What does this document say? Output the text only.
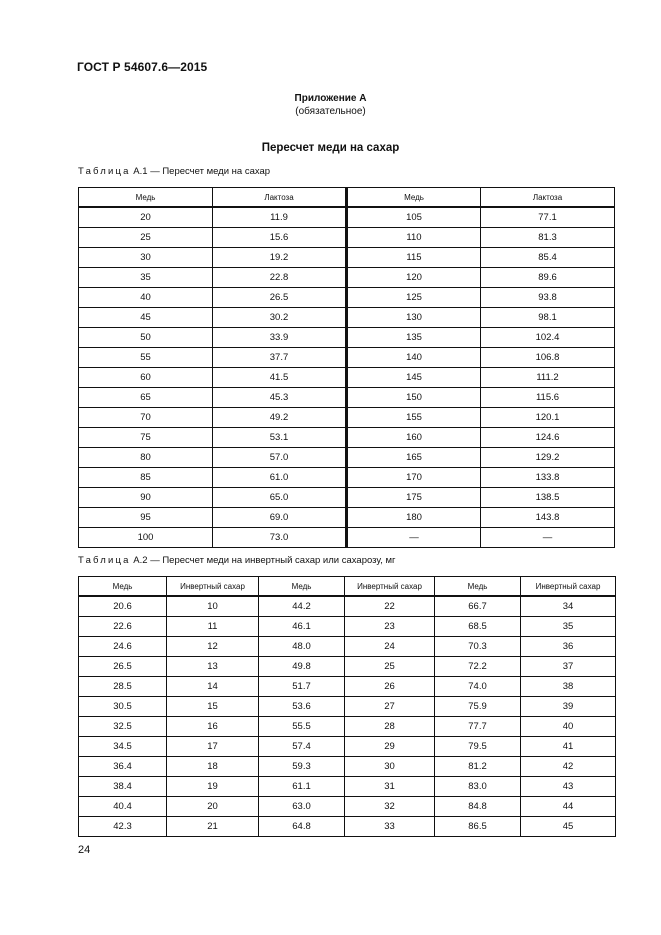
ГОСТ Р 54607.6—2015
Приложение А
(обязательное)
Пересчет меди на сахар
Таблица А.1 — Пересчет меди на сахар
Медь	Лактоза	Медь	Лактоза
20	11.9	105	77.1
25	15.6	110	81.3
30	19.2	115	85.4
35	22.8	120	89.6
40	26.5	125	93.8
45	30.2	130	98.1
50	33.9	135	102.4
55	37.7	140	106.8
60	41.5	145	111.2
65	45.3	150	115.6
70	49.2	155	120.1
75	53.1	160	124.6
80	57.0	165	129.2
85	61.0	170	133.8
90	65.0	175	138.5
95	69.0	180	143.8
100	73.0	—	—
Таблица А.2 — Пересчет меди на инвертный сахар или сахарозу, мг
Медь	Инвертный сахар	Медь	Инвертный сахар	Медь	Инвертный сахар
20.6	10	44.2	22	66.7	34
22.6	11	46.1	23	68.5	35
24.6	12	48.0	24	70.3	36
26.5	13	49.8	25	72.2	37
28.5	14	51.7	26	74.0	38
30.5	15	53.6	27	75.9	39
32.5	16	55.5	28	77.7	40
34.5	17	57.4	29	79.5	41
36.4	18	59.3	30	81.2	42
38.4	19	61.1	31	83.0	43
40.4	20	63.0	32	84.8	44
42.3	21	64.8	33	86.5	45
24
